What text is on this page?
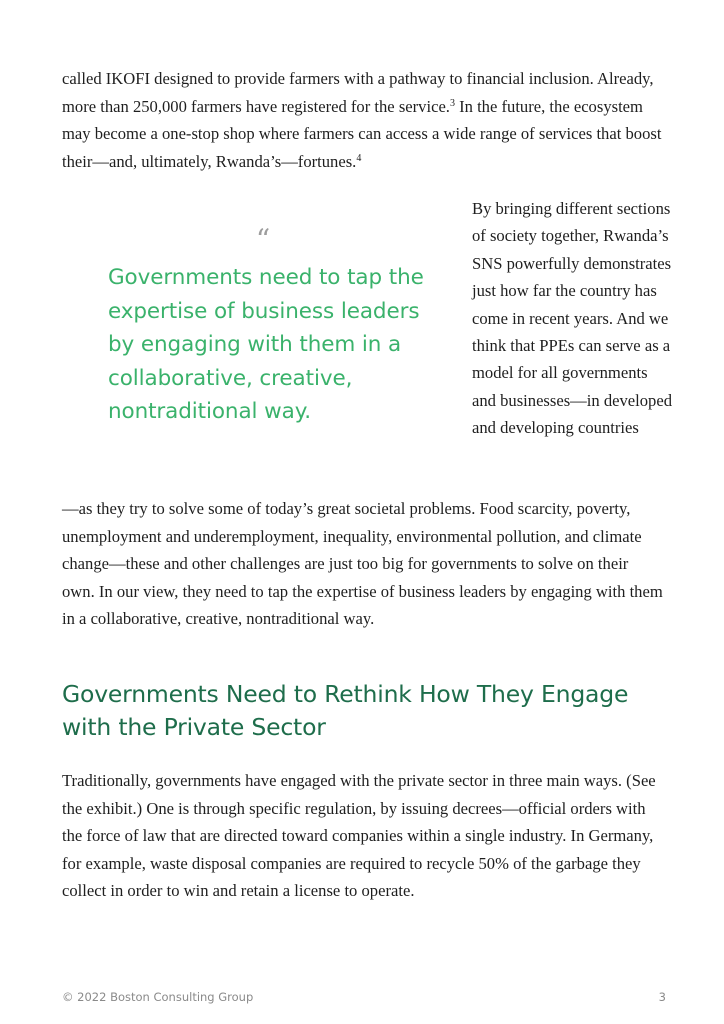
called IKOFI designed to provide farmers with a pathway to financial inclusion. Already, more than 250,000 farmers have registered for the service.$^3$ In the future, the ecosystem may become a one-stop shop where farmers can access a wide range of services that boost their—and, ultimately, Rwanda’s—fortunes.$^4$

“

Governments need to tap the expertise of business leaders by engaging with them in a collaborative, creative, nontraditional way.

By bringing different sections of society together, Rwanda’s SNS powerfully demonstrates just how far the country has come in recent years. And we think that PPEs can serve as a model for all governments and businesses—in developed and developing countries

—as they try to solve some of today’s great societal problems. Food scarcity, poverty, unemployment and underemployment, inequality, environmental pollution, and climate change—these and other challenges are just too big for governments to solve on their own. In our view, they need to tap the expertise of business leaders by engaging with them in a collaborative, creative, nontraditional way.

Governments Need to Rethink How They Engage with the Private Sector

Traditionally, governments have engaged with the private sector in three main ways. (See the exhibit.) One is through specific regulation, by issuing decrees—official orders with the force of law that are directed toward companies within a single industry. In Germany, for example, waste disposal companies are required to recycle 50% of the garbage they collect in order to win and retain a license to operate.

© 2022 Boston Consulting Group	3
